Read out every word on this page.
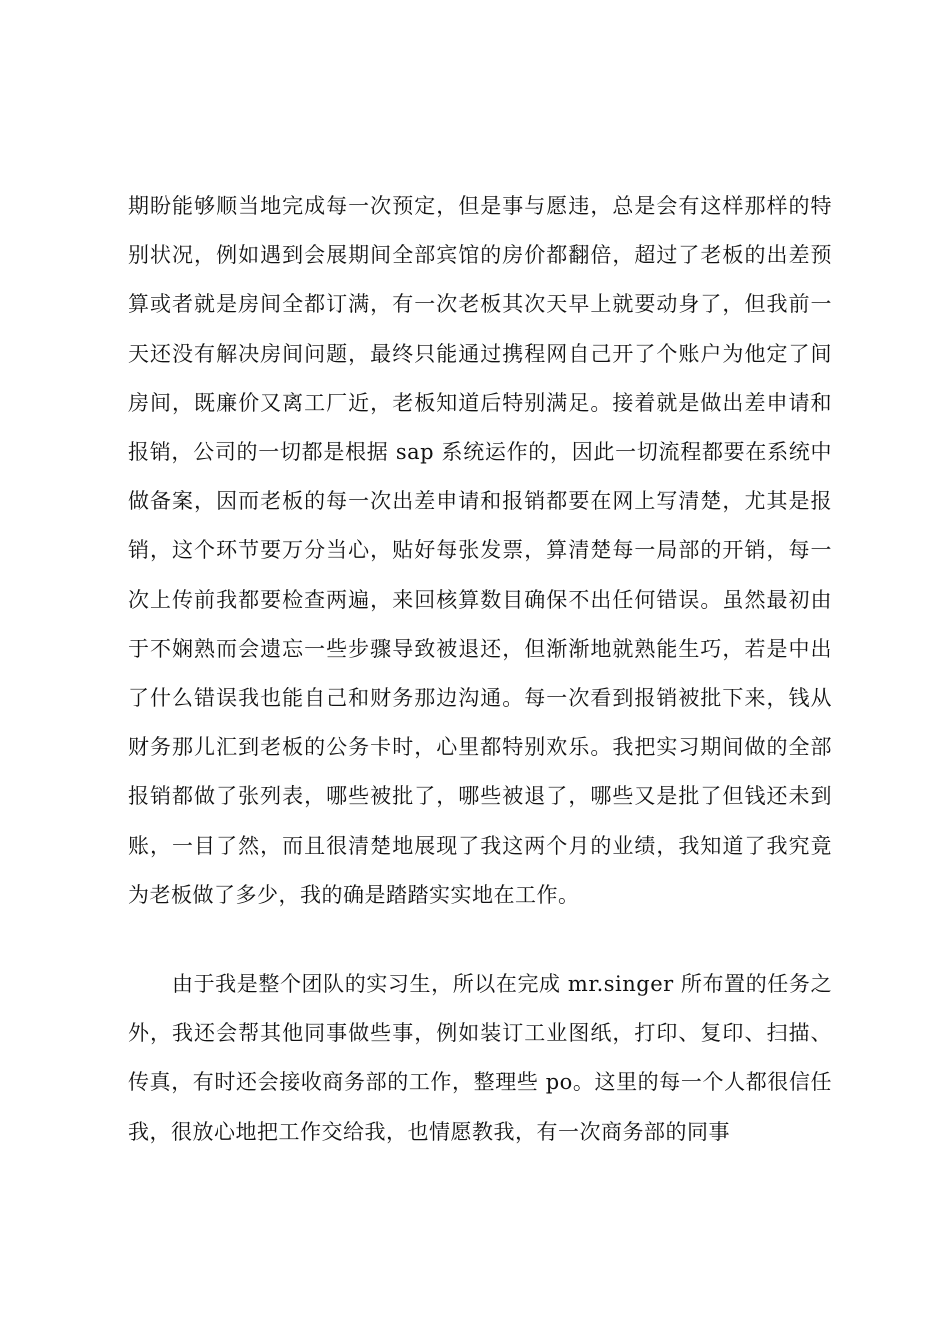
期盼能够顺当地完成每一次预定，但是事与愿违，总是会有这样那样的特别状况，例如遇到会展期间全部宾馆的房价都翻倍，超过了老板的出差预算或者就是房间全都订满，有一次老板其次天早上就要动身了，但我前一天还没有解决房间问题，最终只能通过携程网自己开了个账户为他定了间房间，既廉价又离工厂近，老板知道后特别满足。接着就是做出差申请和报销，公司的一切都是根据 sap 系统运作的，因此一切流程都要在系统中做备案，因而老板的每一次出差申请和报销都要在网上写清楚，尤其是报销，这个环节要万分当心，贴好每张发票，算清楚每一局部的开销，每一次上传前我都要检查两遍，来回核算数目确保不出任何错误。虽然最初由于不娴熟而会遗忘一些步骤导致被退还，但渐渐地就熟能生巧，若是中出了什么错误我也能自己和财务那边沟通。每一次看到报销被批下来，钱从财务那儿汇到老板的公务卡时，心里都特别欢乐。我把实习期间做的全部报销都做了张列表，哪些被批了，哪些被退了，哪些又是批了但钱还未到账，一目了然，而且很清楚地展现了我这两个月的业绩，我知道了我究竟为老板做了多少，我的确是踏踏实实地在工作。

由于我是整个团队的实习生，所以在完成 mr.singer 所布置的任务之外，我还会帮其他同事做些事，例如装订工业图纸，打印、复印、扫描、传真，有时还会接收商务部的工作，整理些 po。这里的每一个人都很信任我，很放心地把工作交给我，也情愿教我，有一次商务部的同事
